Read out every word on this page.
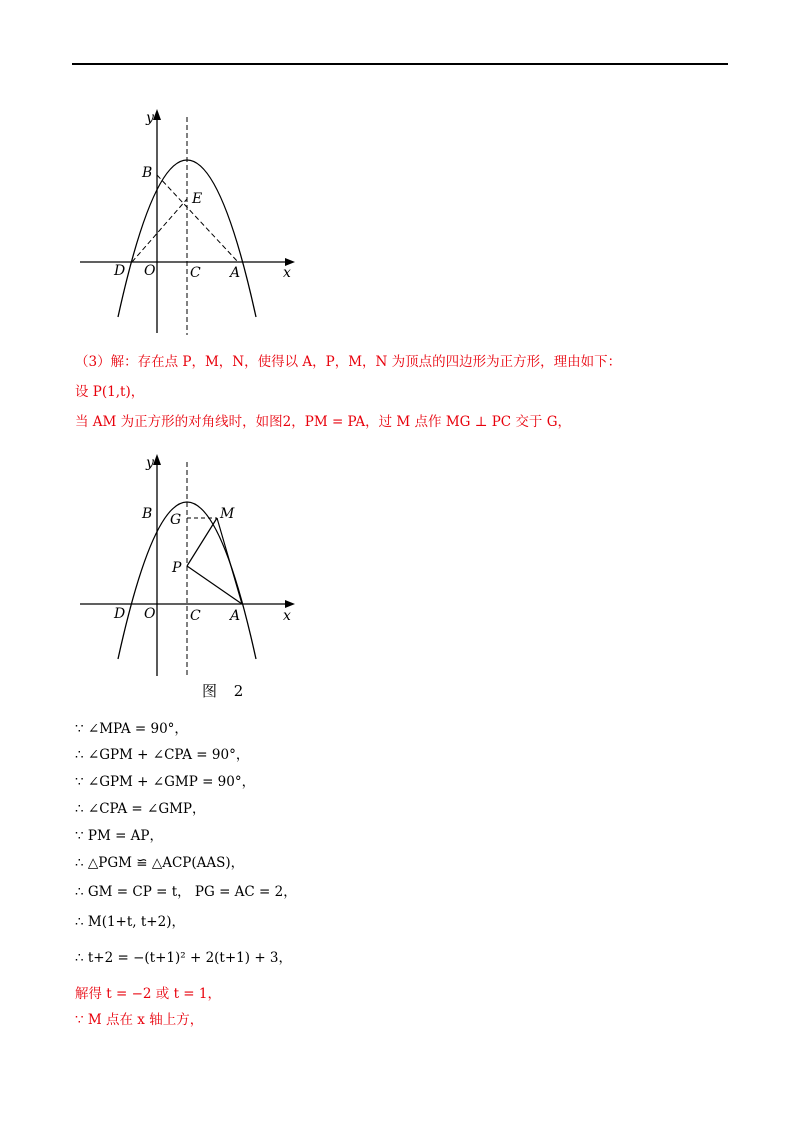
y
x
B
E
D O C A
（3）解：存在点 P，M，N，使得以 A，P，M，N 为顶点的四边形为正方形，理由如下：
设 P(1,t)，
当 AM 为正方形的对角线时，如图2，PM = PA，过 M 点作 MG ⊥ PC 交于 G，
y
x
B G	M
P
D O C A
图 2
∵ ∠MPA = 90°，
∴ ∠GPM + ∠CPA = 90°，
∵ ∠GPM + ∠GMP = 90°，
∴ ∠CPA = ∠GMP，
∵ PM = AP，
∴ △PGM ≌ △ACP(AAS)，
∴ GM = CP = t， PG = AC = 2，
∴ M(1+t, t+2)，
∴ t+2 = −(t+1)² + 2(t+1) + 3，
解得 t = −2 或 t = 1，
∵ M 点在 x 轴上方，
